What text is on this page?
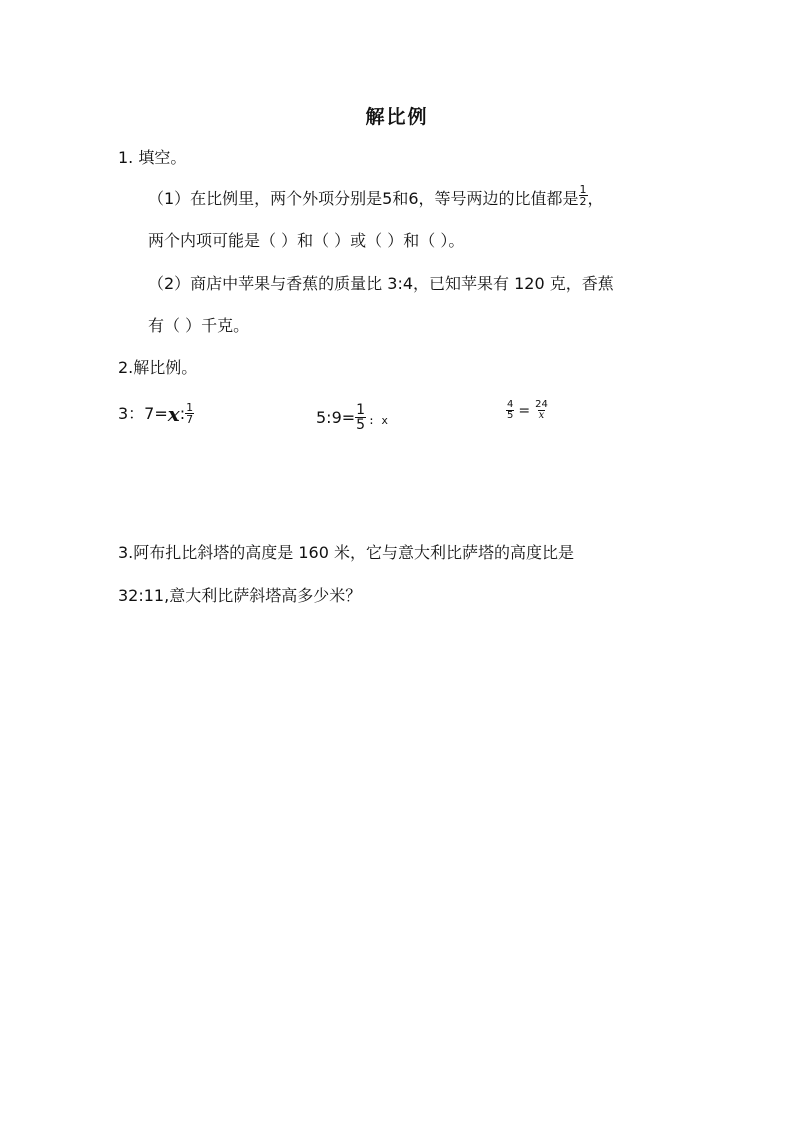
解比例
1. 填空。
（1）在比例里，两个外项分别是5和6，等号两边的比值都是 $\frac{1}{2}$ ，
两个内项可能是（ ）和（ ）或（ ）和（ ）。
（2）商店中苹果与香蕉的质量比 3:4，已知苹果有 120 克，香蕉
有（ ）千克。
2.解比例。
3：7= x : $\frac{1}{7}$	5:9= $\frac{1}{5}$ : x	$\frac{4}{5} = \frac{24}{x}$
3.阿布扎比斜塔的高度是 160 米，它与意大利比萨塔的高度比是
32:11,意大利比萨斜塔高多少米？
